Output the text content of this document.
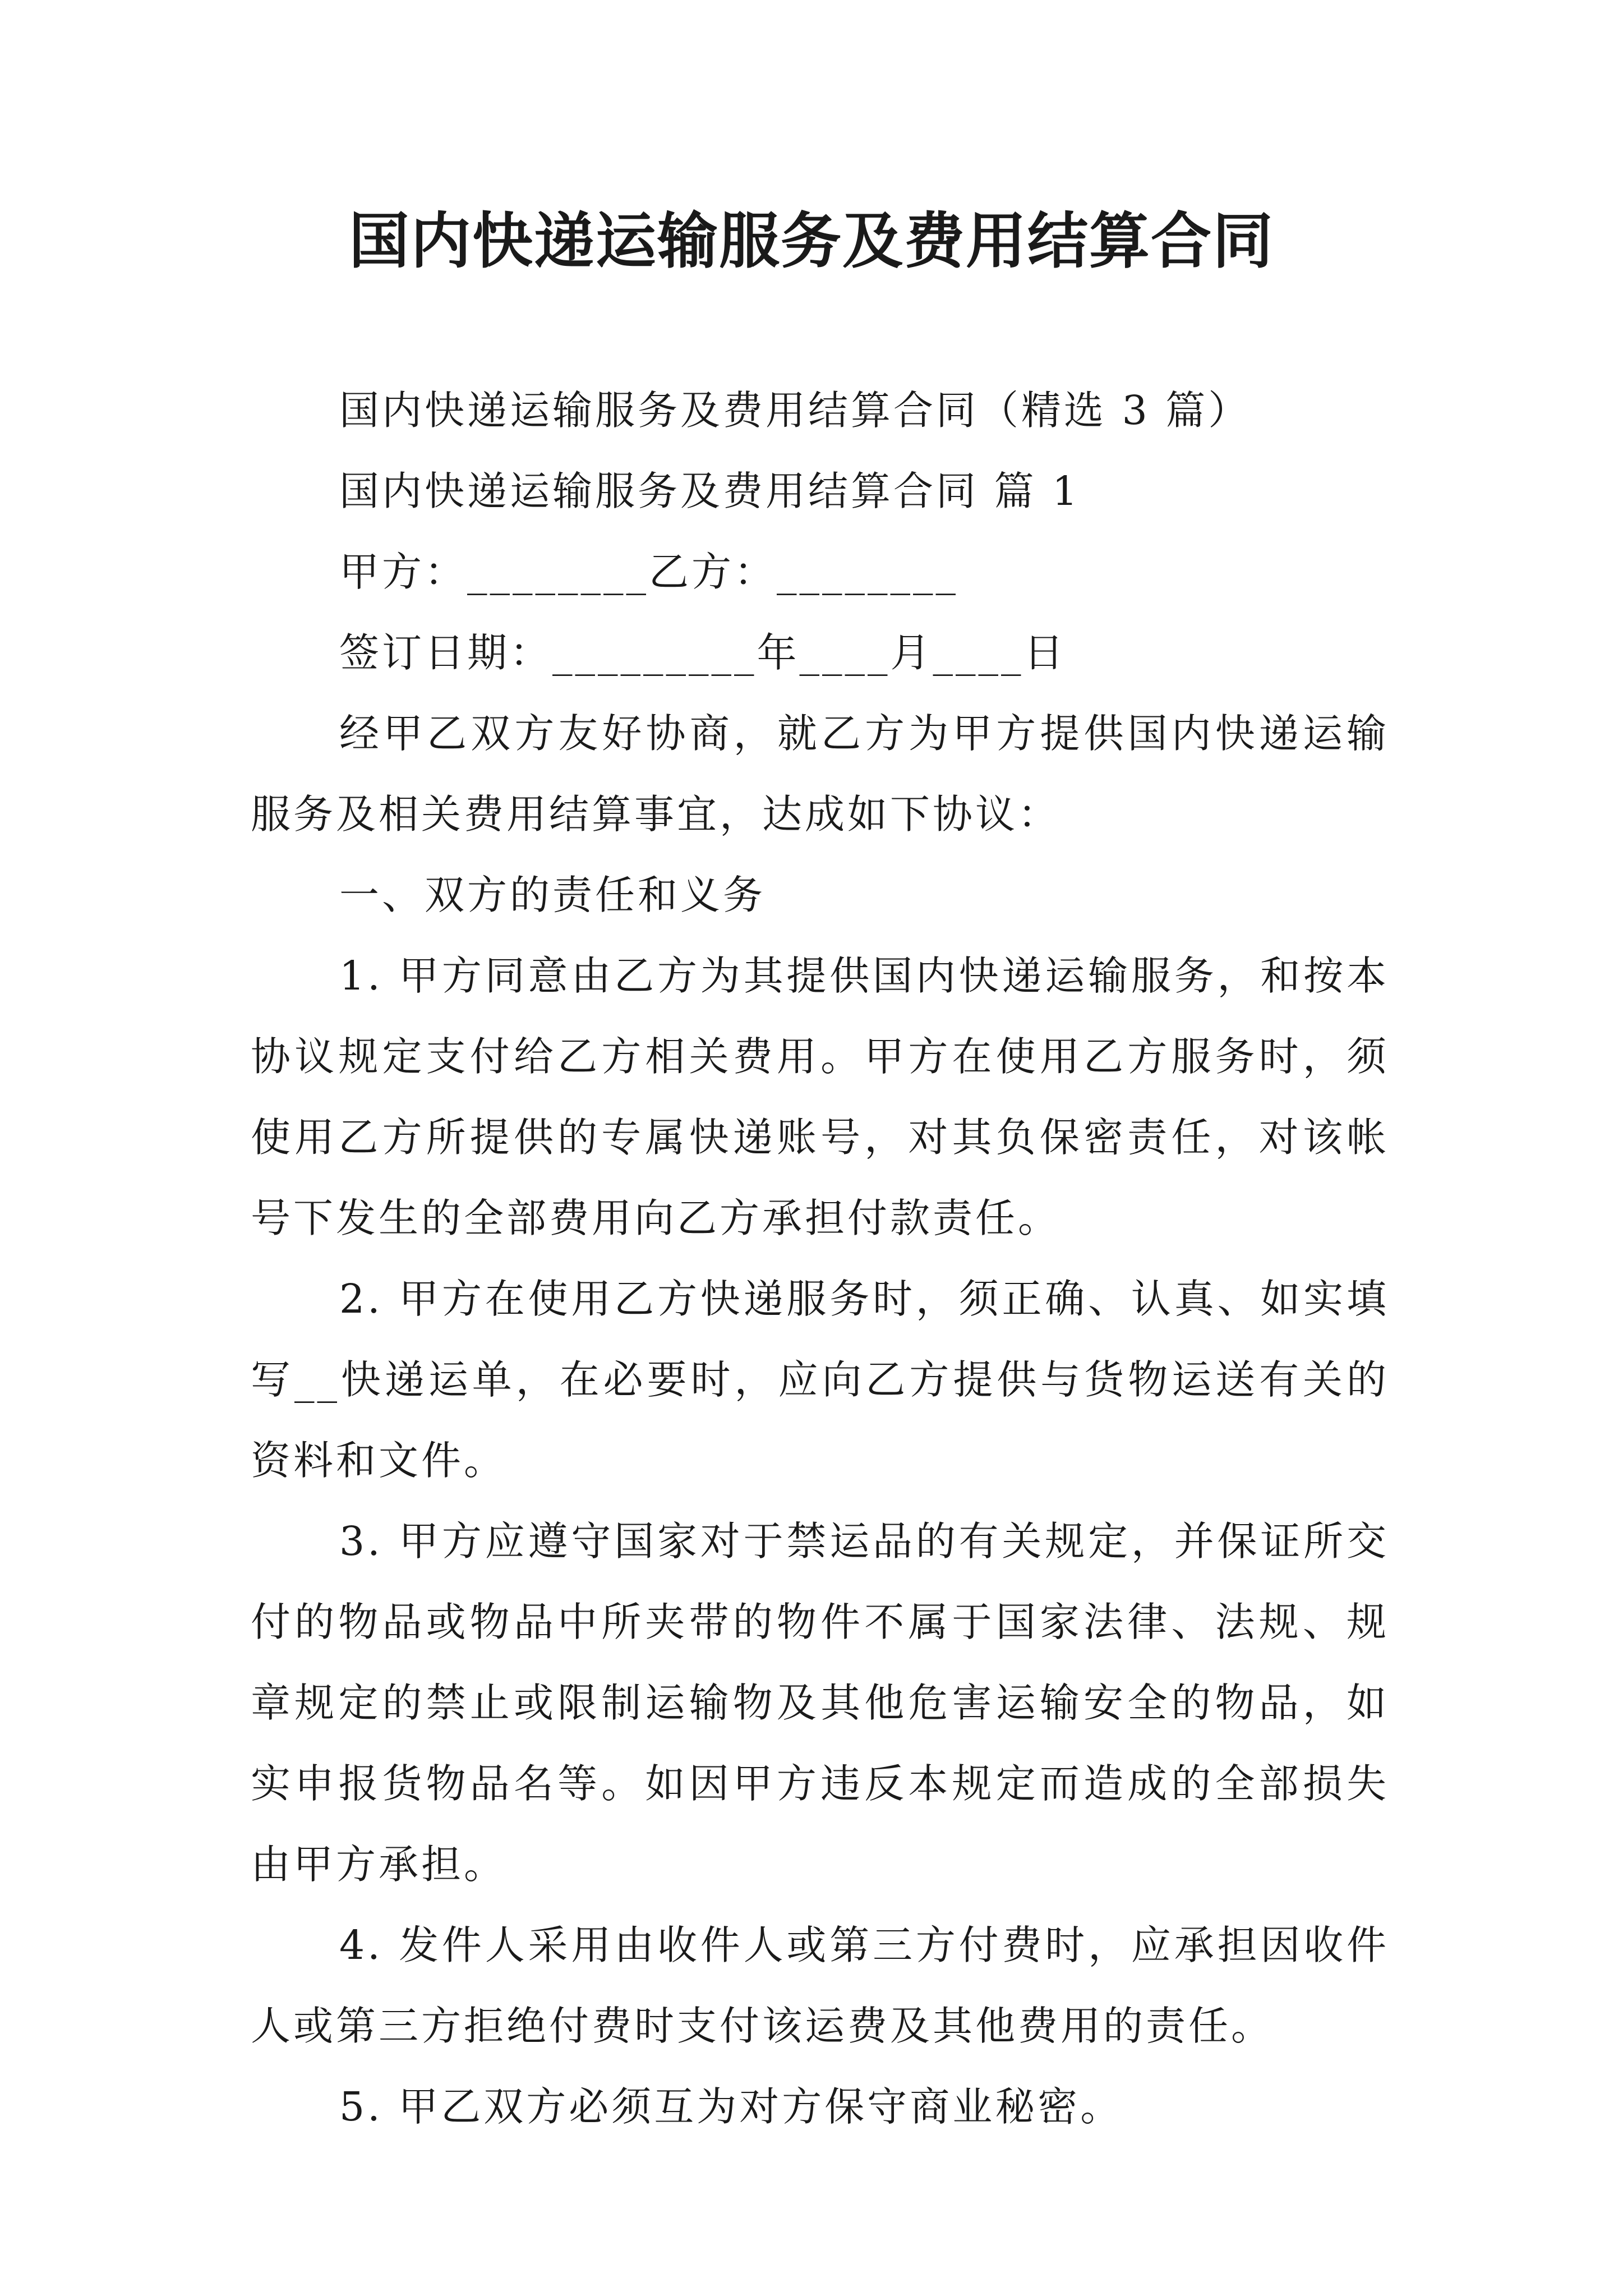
国内快递运输服务及费用结算合同

国内快递运输服务及费用结算合同（精选 3 篇）

国内快递运输服务及费用结算合同 篇 1

甲方：________乙方：________

签订日期：_________年____月____日

经甲乙双方友好协商，就乙方为甲方提供国内快递运输服务及相关费用结算事宜，达成如下协议：

一、双方的责任和义务

1. 甲方同意由乙方为其提供国内快递运输服务，和按本协议规定支付给乙方相关费用。甲方在使用乙方服务时，须使用乙方所提供的专属快递账号，对其负保密责任，对该帐号下发生的全部费用向乙方承担付款责任。

2. 甲方在使用乙方快递服务时，须正确、认真、如实填写__快递运单，在必要时，应向乙方提供与货物运送有关的资料和文件。

3. 甲方应遵守国家对于禁运品的有关规定，并保证所交付的物品或物品中所夹带的物件不属于国家法律、法规、规章规定的禁止或限制运输物及其他危害运输安全的物品，如实申报货物品名等。如因甲方违反本规定而造成的全部损失由甲方承担。

4. 发件人采用由收件人或第三方付费时，应承担因收件人或第三方拒绝付费时支付该运费及其他费用的责任。

5. 甲乙双方必须互为对方保守商业秘密。
